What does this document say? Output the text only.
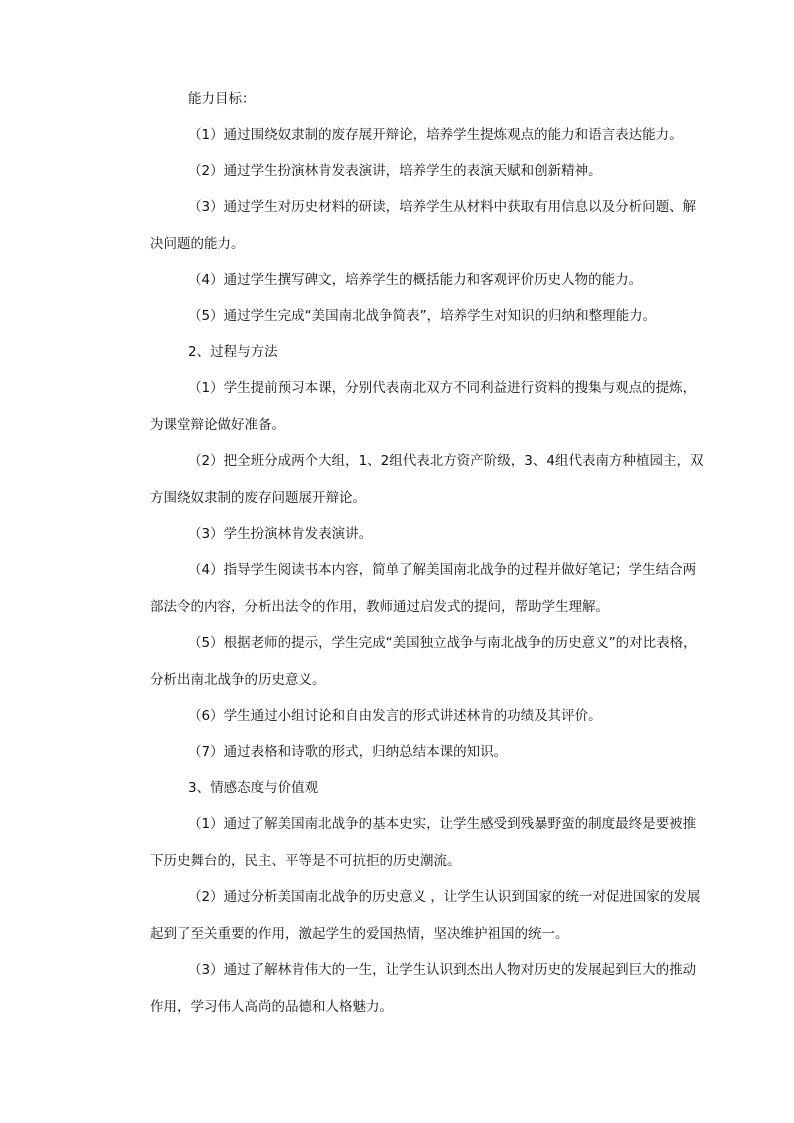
能力目标：

（1）通过围绕奴隶制的废存展开辩论，培养学生提炼观点的能力和语言表达能力。

（2）通过学生扮演林肯发表演讲，培养学生的表演天赋和创新精神。

（3）通过学生对历史材料的研读，培养学生从材料中获取有用信息以及分析问题、解

决问题的能力。

（4）通过学生撰写碑文，培养学生的概括能力和客观评价历史人物的能力。

（5）通过学生完成“美国南北战争简表”，培养学生对知识的归纳和整理能力。

2、过程与方法

（1）学生提前预习本课，分别代表南北双方不同利益进行资料的搜集与观点的提炼，

为课堂辩论做好准备。

（2）把全班分成两个大组，1、2组代表北方资产阶级，3、4组代表南方种植园主，双

方围绕奴隶制的废存问题展开辩论。

（3）学生扮演林肯发表演讲。

（4）指导学生阅读书本内容，简单了解美国南北战争的过程并做好笔记；学生结合两

部法令的内容，分析出法令的作用，教师通过启发式的提问，帮助学生理解。

（5）根据老师的提示，学生完成“美国独立战争与南北战争的历史意义”的对比表格，

分析出南北战争的历史意义。

（6）学生通过小组讨论和自由发言的形式讲述林肯的功绩及其评价。

（7）通过表格和诗歌的形式，归纳总结本课的知识。

3、情感态度与价值观

（1）通过了解美国南北战争的基本史实，让学生感受到残暴野蛮的制度最终是要被推

下历史舞台的，民主、平等是不可抗拒的历史潮流。

（2）通过分析美国南北战争的历史意义 ，让学生认识到国家的统一对促进国家的发展

起到了至关重要的作用，激起学生的爱国热情，坚决维护祖国的统一。

（3）通过了解林肯伟大的一生，让学生认识到杰出人物对历史的发展起到巨大的推动

作用，学习伟人高尚的品德和人格魅力。
